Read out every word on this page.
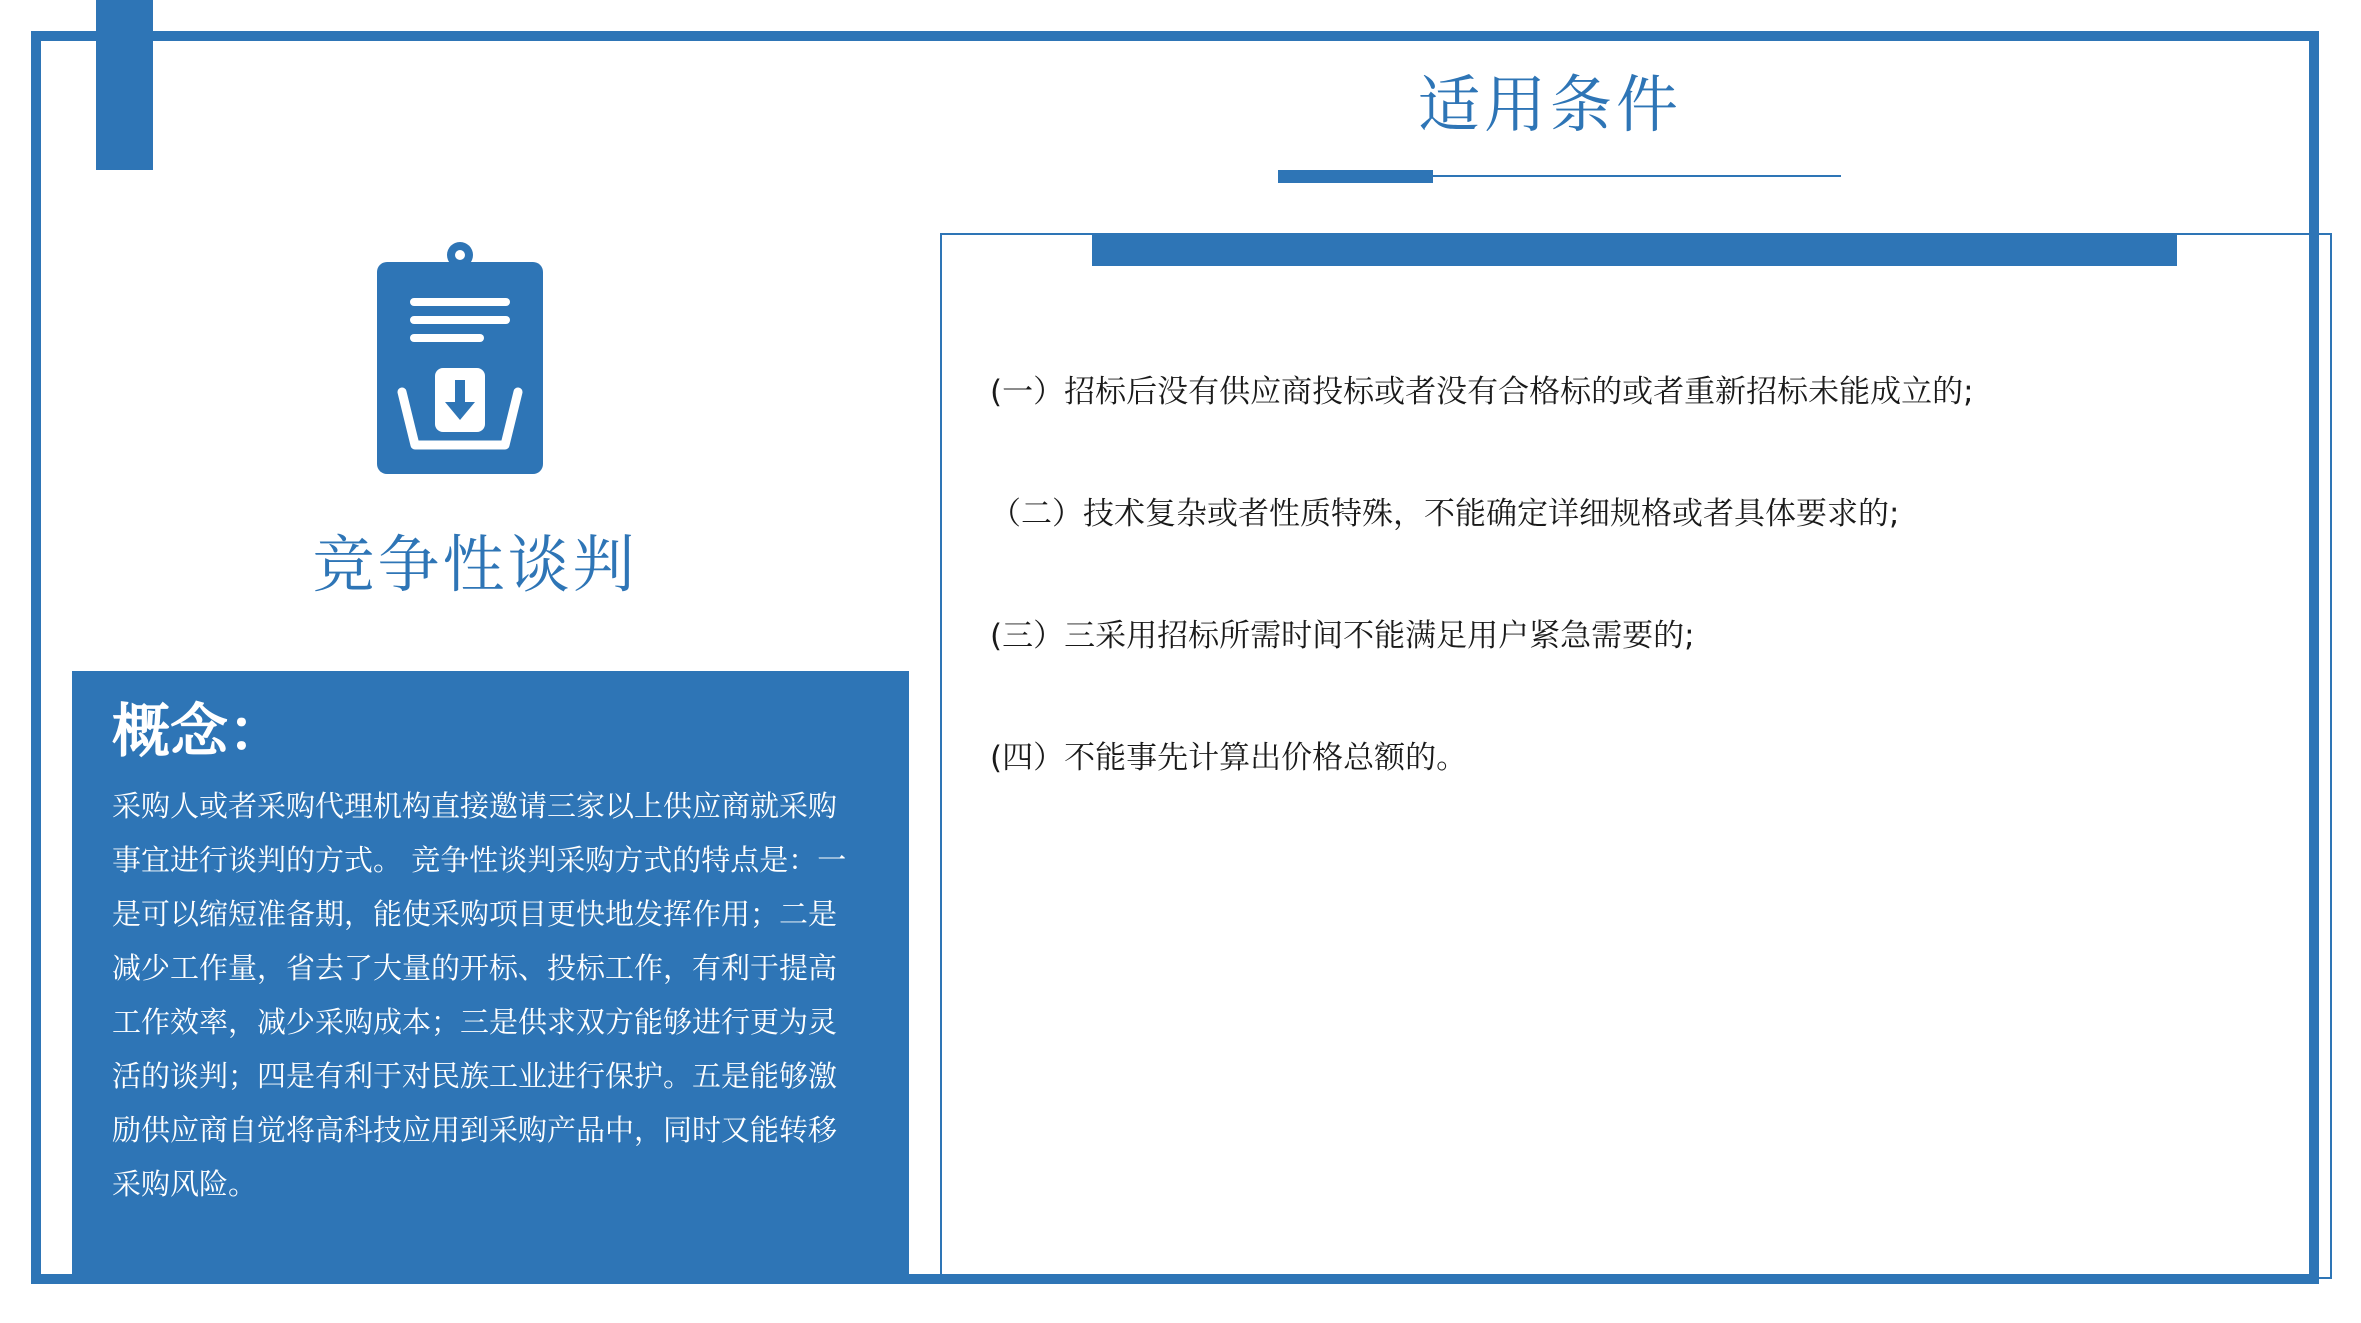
适用条件
竞争性谈判

概念：

采购人或者采购代理机构直接邀请三家以上供应商就采购事宜进行谈判的方式。 竞争性谈判采购方式的特点是：一是可以缩短准备期，能使采购项目更快地发挥作用；二是减少工作量，省去了大量的开标、投标工作，有利于提高工作效率，减少采购成本；三是供求双方能够进行更为灵活的谈判；四是有利于对民族工业进行保护。五是能够激励供应商自觉将高科技应用到采购产品中，同时又能转移采购风险。

(一）招标后没有供应商投标或者没有合格标的或者重新招标未能成立的;
（二）技术复杂或者性质特殊，不能确定详细规格或者具体要求的;
(三）三采用招标所需时间不能满足用户紧急需要的;
(四）不能事先计算出价格总额的。
